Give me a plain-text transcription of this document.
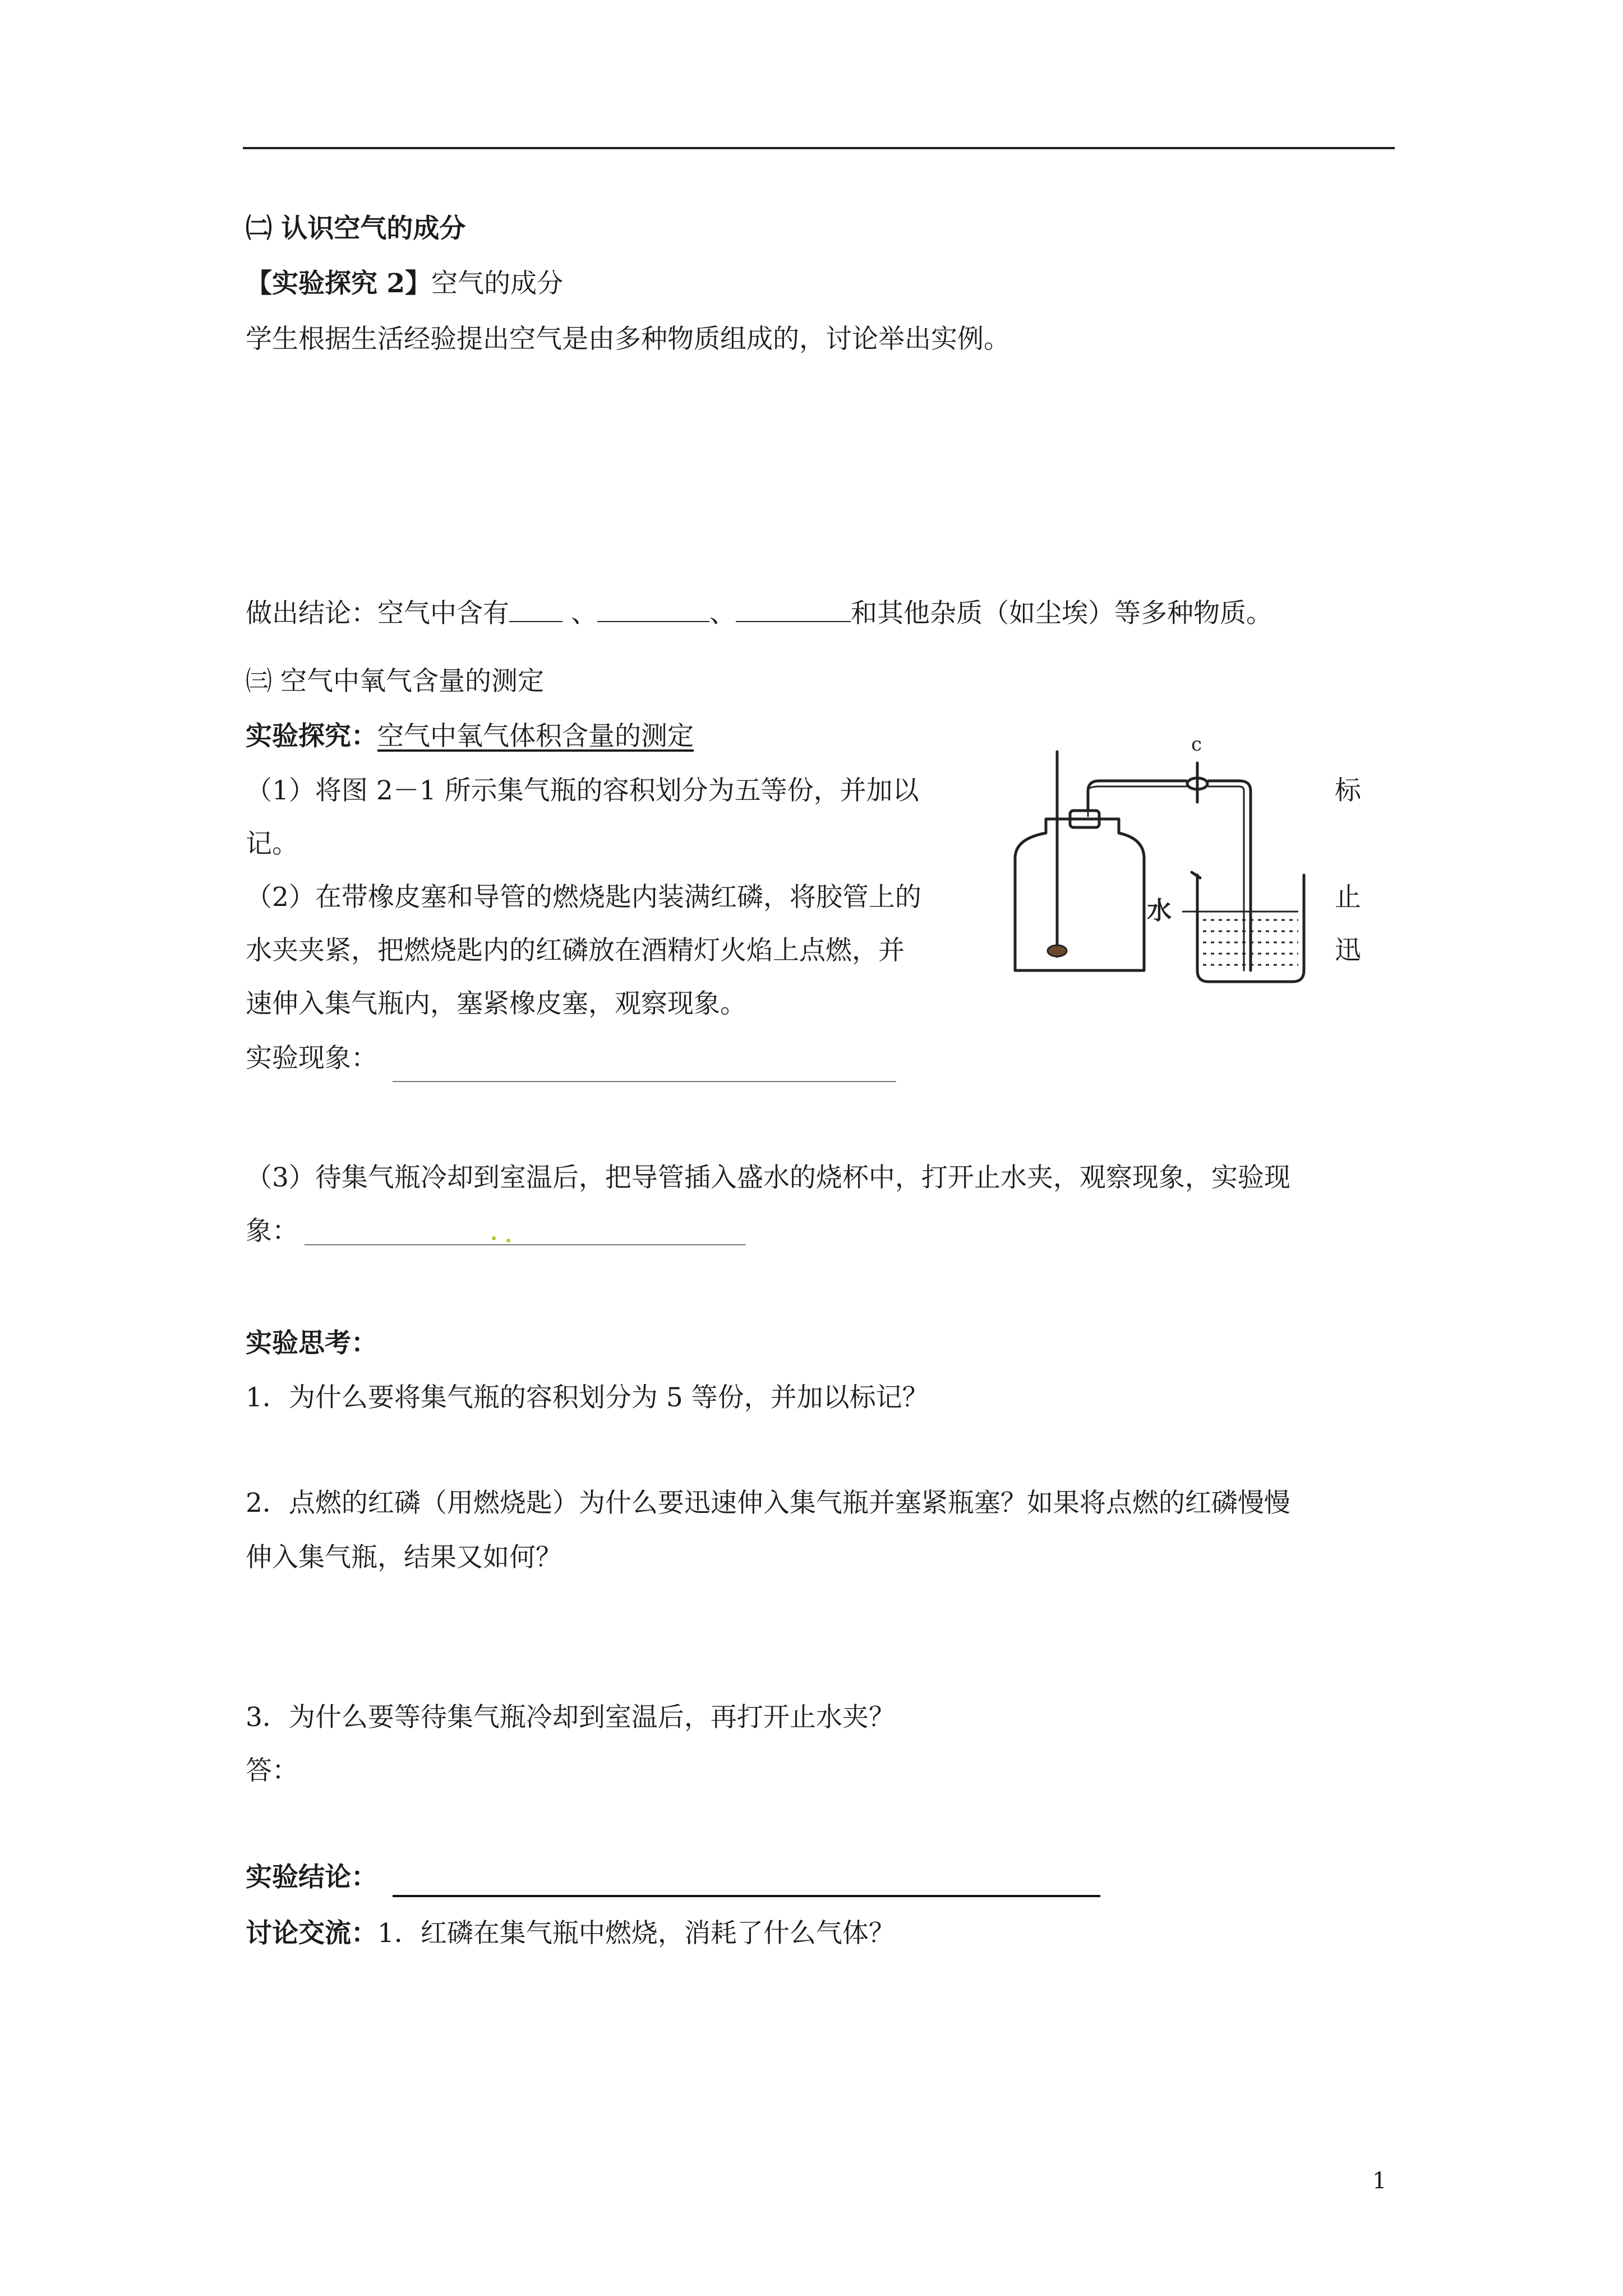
㈡ 认识空气的成分
【实验探究 2】空气的成分
学生根据生活经验提出空气是由多种物质组成的，讨论举出实例。
做出结论：空气中含有 、	、	和其他杂质（如尘埃）等多种物质。
㈢ 空气中氧气含量的测定
实验探究：空气中氧气体积含量的测定
（1）将图 2－1 所示集气瓶的容积划分为五等份，并加以	标
记。
（2）在带橡皮塞和导管的燃烧匙内装满红磷，将胶管上的	止
水夹夹紧，把燃烧匙内的红磷放在酒精灯火焰上点燃，并	迅
速伸入集气瓶内，塞紧橡皮塞，观察现象。
实验现象：
（3）待集气瓶冷却到室温后，把导管插入盛水的烧杯中，打开止水夹，观察现象，实验现
象：
c
水
实验思考：
1．为什么要将集气瓶的容积划分为 5 等份，并加以标记？
2．点燃的红磷（用燃烧匙）为什么要迅速伸入集气瓶并塞紧瓶塞？如果将点燃的红磷慢慢
伸入集气瓶，结果又如何？
3．为什么要等待集气瓶冷却到室温后，再打开止水夹？
答：
实验结论：
讨论交流：1．红磷在集气瓶中燃烧，消耗了什么气体？
1
